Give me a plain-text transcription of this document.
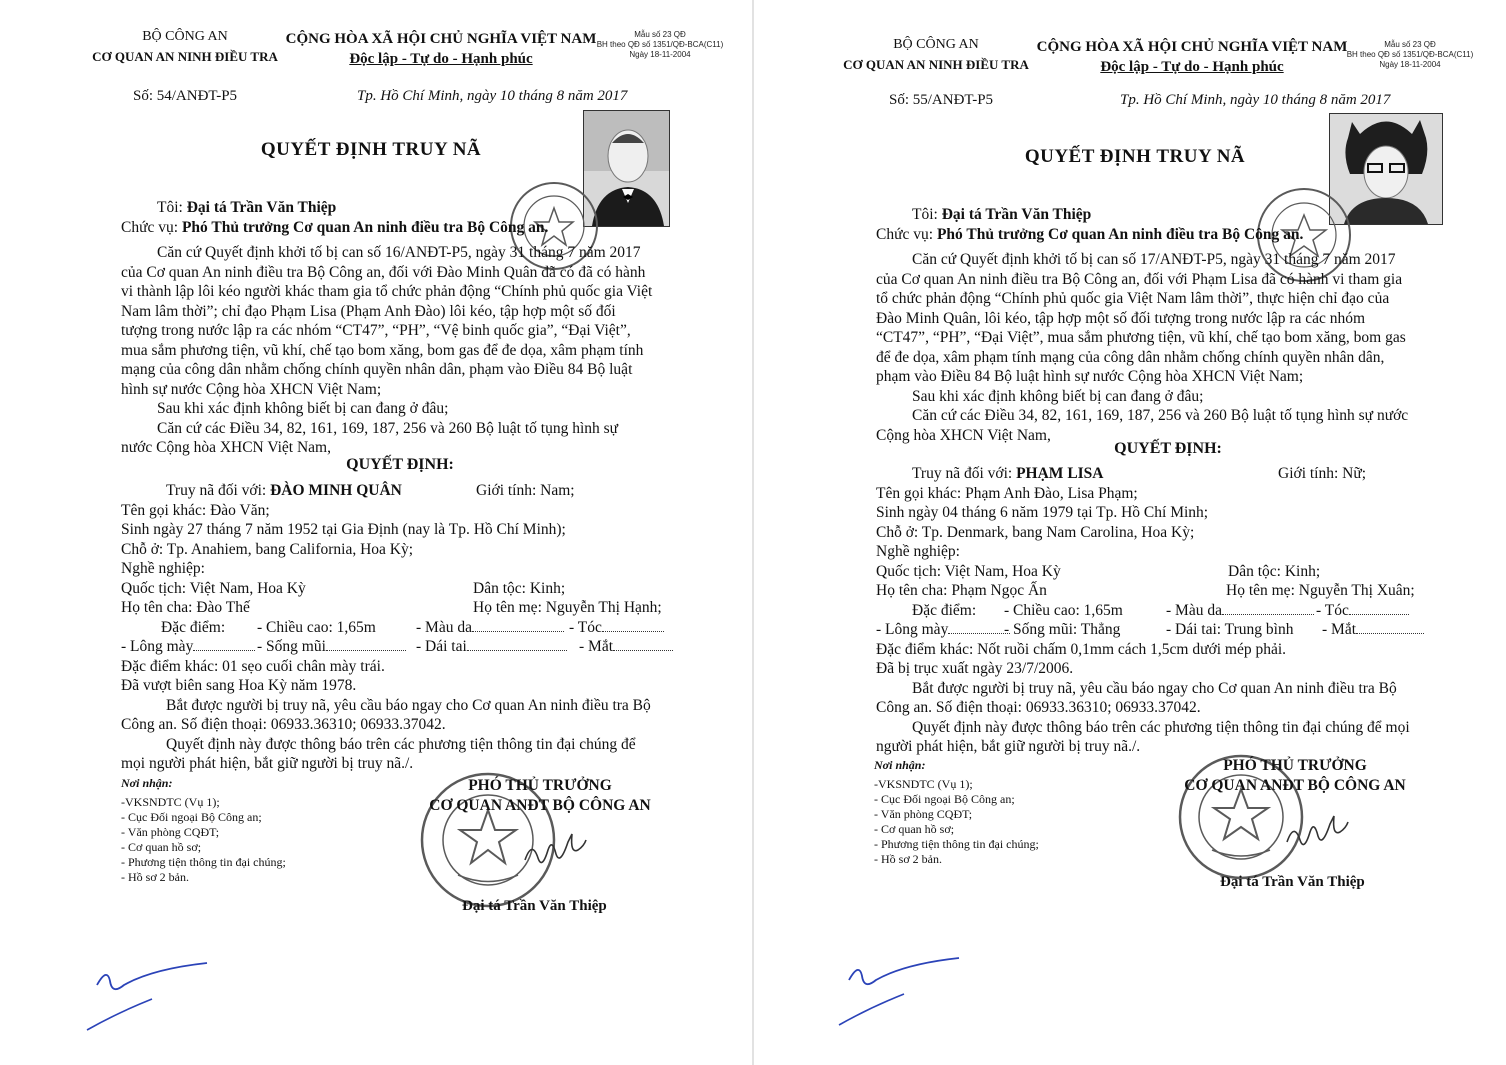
BỘ CÔNG AN
CƠ QUAN AN NINH ĐIỀU TRA
CỘNG HÒA XÃ HỘI CHỦ NGHĨA VIỆT NAM
Độc lập - Tự do - Hạnh phúc
Mẫu số 23 QĐ
BH theo QĐ số 1351/QĐ-BCA(C11)
Ngày 18-11-2004
Số: 54/ANĐT-P5	Tp. Hồ Chí Minh, ngày 10 tháng 8 năm 2017
QUYẾT ĐỊNH TRUY NÃ
Tôi: Đại tá Trần Văn Thiệp
Chức vụ: Phó Thủ trưởng Cơ quan An ninh điều tra Bộ Công an.
Căn cứ Quyết định khởi tố bị can số 16/ANĐT-P5, ngày 31 tháng 7 năm 2017
của Cơ quan An ninh điều tra Bộ Công an, đối với Đào Minh Quân đã có đã có hành
vi thành lập lôi kéo người khác tham gia tổ chức phản động “Chính phủ quốc gia Việt
Nam lâm thời”; chỉ đạo Phạm Lisa (Phạm Anh Đào) lôi kéo, tập hợp một số đối
tượng trong nước lập ra các nhóm “CT47”, “PH”, “Vệ binh quốc gia”, “Đại Việt”,
mua sắm phương tiện, vũ khí, chế tạo bom xăng, bom gas để đe dọa, xâm phạm tính
mạng của công dân nhằm chống chính quyền nhân dân, phạm vào Điều 84 Bộ luật
hình sự nước Cộng hòa XHCN Việt Nam;
Sau khi xác định không biết bị can đang ở đâu;
Căn cứ các Điều 34, 82, 161, 169, 187, 256 và 260 Bộ luật tố tụng hình sự
nước Cộng hòa XHCN Việt Nam,
QUYẾT ĐỊNH:
Truy nã đối với: ĐÀO MINH QUÂN	Giới tính: Nam;
Tên gọi khác: Đào Văn;
Sinh ngày 27 tháng 7 năm 1952 tại Gia Định (nay là Tp. Hồ Chí Minh);
Chỗ ở: Tp. Anahiem, bang California, Hoa Kỳ;
Nghề nghiệp:
Quốc tịch: Việt Nam, Hoa Kỳ	Dân tộc: Kinh;
Họ tên cha: Đào Thế	Họ tên mẹ: Nguyễn Thị Hạnh;
Đặc điểm: - Chiều cao: 1,65m	- Màu da	- Tóc
- Lông mày	- Sống mũi	- Dái tai	- Mắt
Đặc điểm khác: 01 sẹo cuối chân mày trái.
Đã vượt biên sang Hoa Kỳ năm 1978.
Bắt được người bị truy nã, yêu cầu báo ngay cho Cơ quan An ninh điều tra Bộ
Công an. Số điện thoại: 06933.36310; 06933.37042.
Quyết định này được thông báo trên các phương tiện thông tin đại chúng để
mọi người phát hiện, bắt giữ người bị truy nã./.
Nơi nhận:
-VKSNDTC (Vụ 1);
- Cục Đối ngoại Bộ Công an;
- Văn phòng CQĐT;
- Cơ quan hồ sơ;
- Phương tiện thông tin đại chúng;
- Hồ sơ 2 bản.
PHÓ THỦ TRƯỞNG
CƠ QUAN ANĐT BỘ CÔNG AN
Đại tá Trần Văn Thiệp
BỘ CÔNG AN
CƠ QUAN AN NINH ĐIỀU TRA
CỘNG HÒA XÃ HỘI CHỦ NGHĨA VIỆT NAM
Độc lập - Tự do - Hạnh phúc
Mẫu số 23 QĐ
BH theo QĐ số 1351/QĐ-BCA(C11)
Ngày 18-11-2004
Số: 55/ANĐT-P5	Tp. Hồ Chí Minh, ngày 10 tháng 8 năm 2017
QUYẾT ĐỊNH TRUY NÃ
Tôi: Đại tá Trần Văn Thiệp
Chức vụ: Phó Thủ trưởng Cơ quan An ninh điều tra Bộ Công an.
Căn cứ Quyết định khởi tố bị can số 17/ANĐT-P5, ngày 31 tháng 7 năm 2017
của Cơ quan An ninh điều tra Bộ Công an, đối với Phạm Lisa đã có hành vi tham gia
tổ chức phản động “Chính phủ quốc gia Việt Nam lâm thời”, thực hiện chỉ đạo của
Đào Minh Quân, lôi kéo, tập hợp một số đối tượng trong nước lập ra các nhóm
“CT47”, “PH”, “Đại Việt”, mua sắm phương tiện, vũ khí, chế tạo bom xăng, bom gas
để đe dọa, xâm phạm tính mạng của công dân nhằm chống chính quyền nhân dân,
phạm vào Điều 84 Bộ luật hình sự nước Cộng hòa XHCN Việt Nam;
Sau khi xác định không biết bị can đang ở đâu;
Căn cứ các Điều 34, 82, 161, 169, 187, 256 và 260 Bộ luật tố tụng hình sự nước
Cộng hòa XHCN Việt Nam,
QUYẾT ĐỊNH:
Truy nã đối với: PHẠM LISA	Giới tính: Nữ;
Tên gọi khác: Phạm Anh Đào, Lisa Phạm;
Sinh ngày 04 tháng 6 năm 1979 tại Tp. Hồ Chí Minh;
Chỗ ở: Tp. Denmark, bang Nam Carolina, Hoa Kỳ;
Nghề nghiệp:
Quốc tịch: Việt Nam, Hoa Kỳ	Dân tộc: Kinh;
Họ tên cha: Phạm Ngọc Ấn	Họ tên mẹ: Nguyễn Thị Xuân;
Đặc điểm: - Chiều cao: 1,65m	- Màu da	- Tóc
- Lông mày	- Sống mũi: Thẳng	- Dái tai: Trung bình - Mắt
Đặc điểm khác: Nốt ruồi chấm 0,1mm cách 1,5cm dưới mép phải.
Đã bị trục xuất ngày 23/7/2006.
Bắt được người bị truy nã, yêu cầu báo ngay cho Cơ quan An ninh điều tra Bộ
Công an. Số điện thoại: 06933.36310; 06933.37042.
Quyết định này được thông báo trên các phương tiện thông tin đại chúng để mọi
người phát hiện, bắt giữ người bị truy nã./.
Nơi nhận:
-VKSNDTC (Vụ 1);
- Cục Đối ngoại Bộ Công an;
- Văn phòng CQĐT;
- Cơ quan hồ sơ;
- Phương tiện thông tin đại chúng;
- Hồ sơ 2 bản.
PHÓ THỦ TRƯỞNG
CƠ QUAN ANĐT BỘ CÔNG AN
Đại tá Trần Văn Thiệp
